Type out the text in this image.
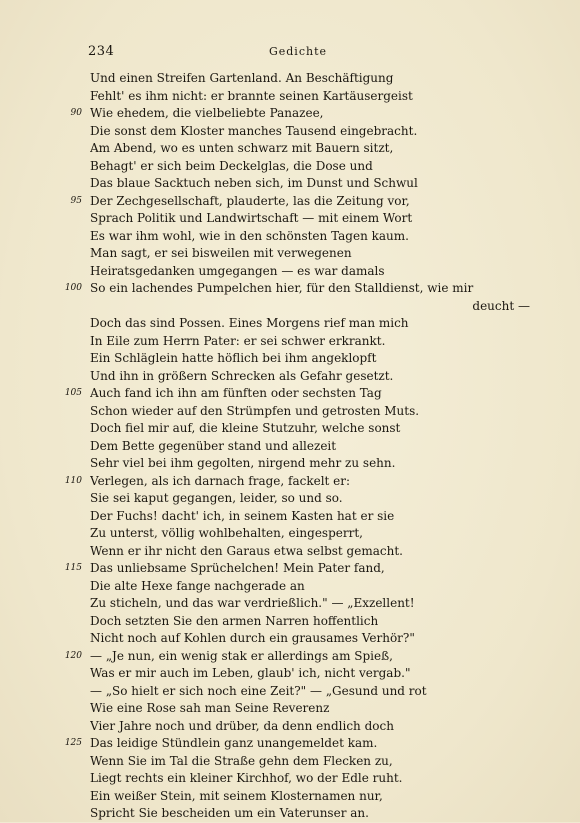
234	Gedichte
Und einen Streifen Gartenland. An Beschäftigung
Fehlt' es ihm nicht: er brannte seinen Kartäusergeist
90 Wie ehedem, die vielbeliebte Panazee,
Die sonst dem Kloster manches Tausend eingebracht.
Am Abend, wo es unten schwarz mit Bauern sitzt,
Behagt' er sich beim Deckelglas, die Dose und
Das blaue Sacktuch neben sich, im Dunst und Schwul
95 Der Zechgesellschaft, plauderte, las die Zeitung vor,
Sprach Politik und Landwirtschaft — mit einem Wort
Es war ihm wohl, wie in den schönsten Tagen kaum.
Man sagt, er sei bisweilen mit verwegenen
Heiratsgedanken umgegangen — es war damals
100 So ein lachendes Pumpelchen hier, für den Stalldienst, wie mir
deucht —
Doch das sind Possen. Eines Morgens rief man mich
In Eile zum Herrn Pater: er sei schwer erkrankt.
Ein Schläglein hatte höflich bei ihm angeklopft
Und ihn in größern Schrecken als Gefahr gesetzt.
105 Auch fand ich ihn am fünften oder sechsten Tag
Schon wieder auf den Strümpfen und getrosten Muts.
Doch fiel mir auf, die kleine Stutzuhr, welche sonst
Dem Bette gegenüber stand und allezeit
Sehr viel bei ihm gegolten, nirgend mehr zu sehn.
110 Verlegen, als ich darnach frage, fackelt er:
Sie sei kaput gegangen, leider, so und so.
Der Fuchs! dacht' ich, in seinem Kasten hat er sie
Zu unterst, völlig wohlbehalten, eingesperrt,
Wenn er ihr nicht den Garaus etwa selbst gemacht.
115 Das unliebsame Sprüchelchen! Mein Pater fand,
Die alte Hexe fange nachgerade an
Zu sticheln, und das war verdrießlich." — „Exzellent!
Doch setzten Sie den armen Narren hoffentlich
Nicht noch auf Kohlen durch ein grausames Verhör?"
120 — „Je nun, ein wenig stak er allerdings am Spieß,
Was er mir auch im Leben, glaub' ich, nicht vergab."
— „So hielt er sich noch eine Zeit?" — „Gesund und rot
Wie eine Rose sah man Seine Reverenz
Vier Jahre noch und drüber, da denn endlich doch
125 Das leidige Stündlein ganz unangemeldet kam.
Wenn Sie im Tal die Straße gehn dem Flecken zu,
Liegt rechts ein kleiner Kirchhof, wo der Edle ruht.
Ein weißer Stein, mit seinem Klosternamen nur,
Spricht Sie bescheiden um ein Vaterunser an.
